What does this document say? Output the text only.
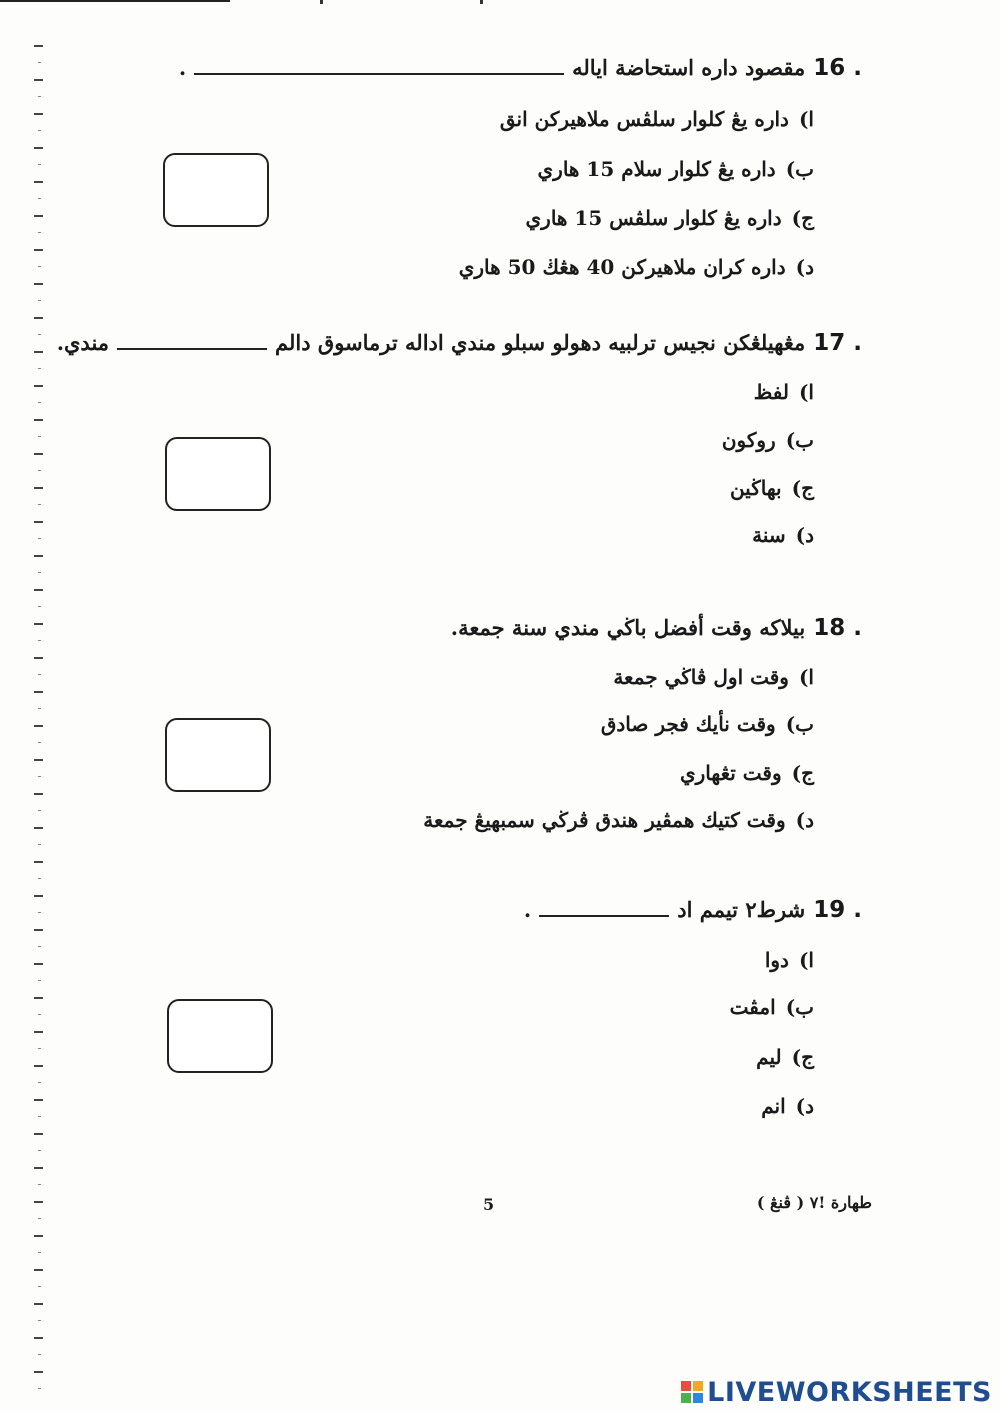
16 .
مقصود داره استحاضة اياله
.
ا)
داره يڠ كلوار سلڤس ملاهيركن انق
ب)
داره يڠ كلوار سلام 15 هاري
ج)
داره يڠ كلوار سلڤس 15 هاري
د)
داره كران ملاهيركن 40 هڠڬ 50 هاري
17 .
مڠهيلڠكن نجيس ترلبيه دهولو سبلو مندي اداله ترماسوق دالم
مندي.
ا)
لفظ
ب)
روكون
ج)
بهاڬين
د)
سنة
18 .
بيلاكه وقت أفضل باڬي مندي سنة جمعة.
ا)
وقت اول ڤاڬي جمعة
ب)
وقت نأيك فجر صادق
ج)
وقت تڠهاري
د)
وقت كتيك همڤير هندق ڤرڬي سمبهيڠ جمعة
19 .
شرط٢ تيمم اد
.
ا)
دوا
ب)
امڤت
ج)
ليم
د)
انم
5	طهارة !٧ ( ڤنڠ )
LIVEWORKSHEETS
